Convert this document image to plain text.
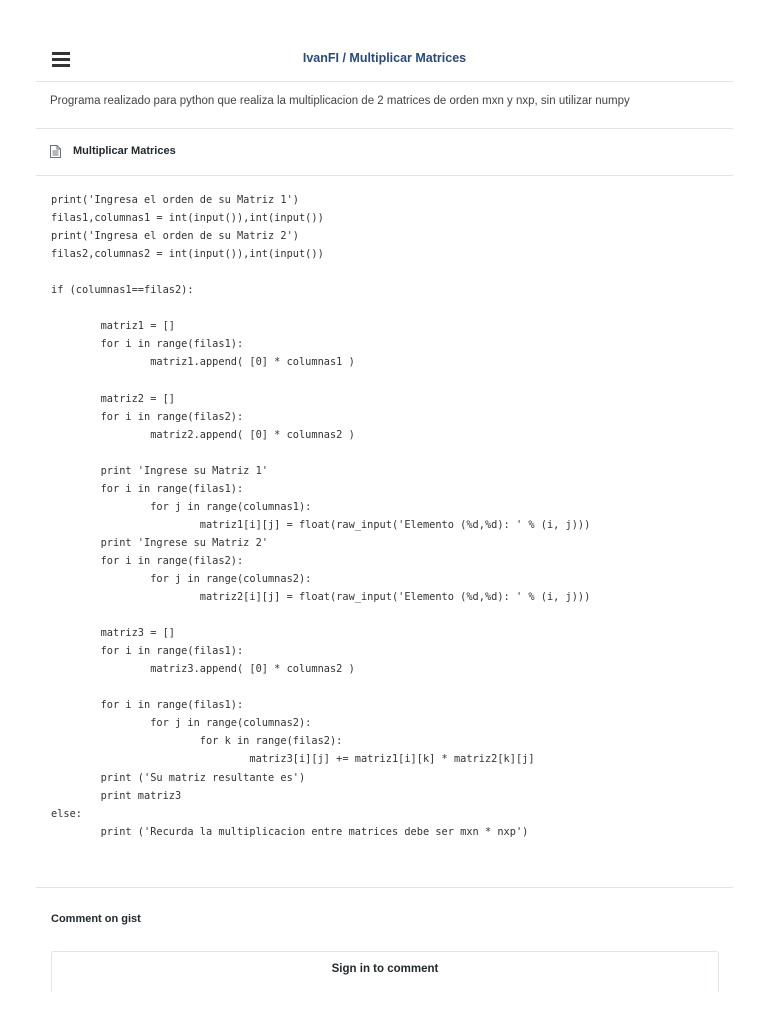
IvanFI / Multiplicar Matrices
Programa realizado para python que realiza la multiplicacion de 2 matrices de orden mxn y nxp, sin utilizar numpy
Multiplicar Matrices
print('Ingresa el orden de su Matriz 1')
filas1,columnas1 = int(input()),int(input())
print('Ingresa el orden de su Matriz 2')
filas2,columnas2 = int(input()),int(input())

if (columnas1==filas2):

matriz1 = []
for i in range(filas1):
matriz1.append( [0] * columnas1 )

matriz2 = []
for i in range(filas2):
matriz2.append( [0] * columnas2 )

print 'Ingrese su Matriz 1'
for i in range(filas1):
for j in range(columnas1):
matriz1[i][j] = float(raw_input('Elemento (%d,%d): ' % (i, j)))
print 'Ingrese su Matriz 2'
for i in range(filas2):
for j in range(columnas2):
matriz2[i][j] = float(raw_input('Elemento (%d,%d): ' % (i, j)))

matriz3 = []
for i in range(filas1):
matriz3.append( [0] * columnas2 )

for i in range(filas1):
for j in range(columnas2):
for k in range(filas2):
matriz3[i][j] += matriz1[i][k] * matriz2[k][j]
print ('Su matriz resultante es')
print matriz3
else:
print ('Recurda la multiplicacion entre matrices debe ser mxn * nxp')
Comment on gist
Sign in to comment
